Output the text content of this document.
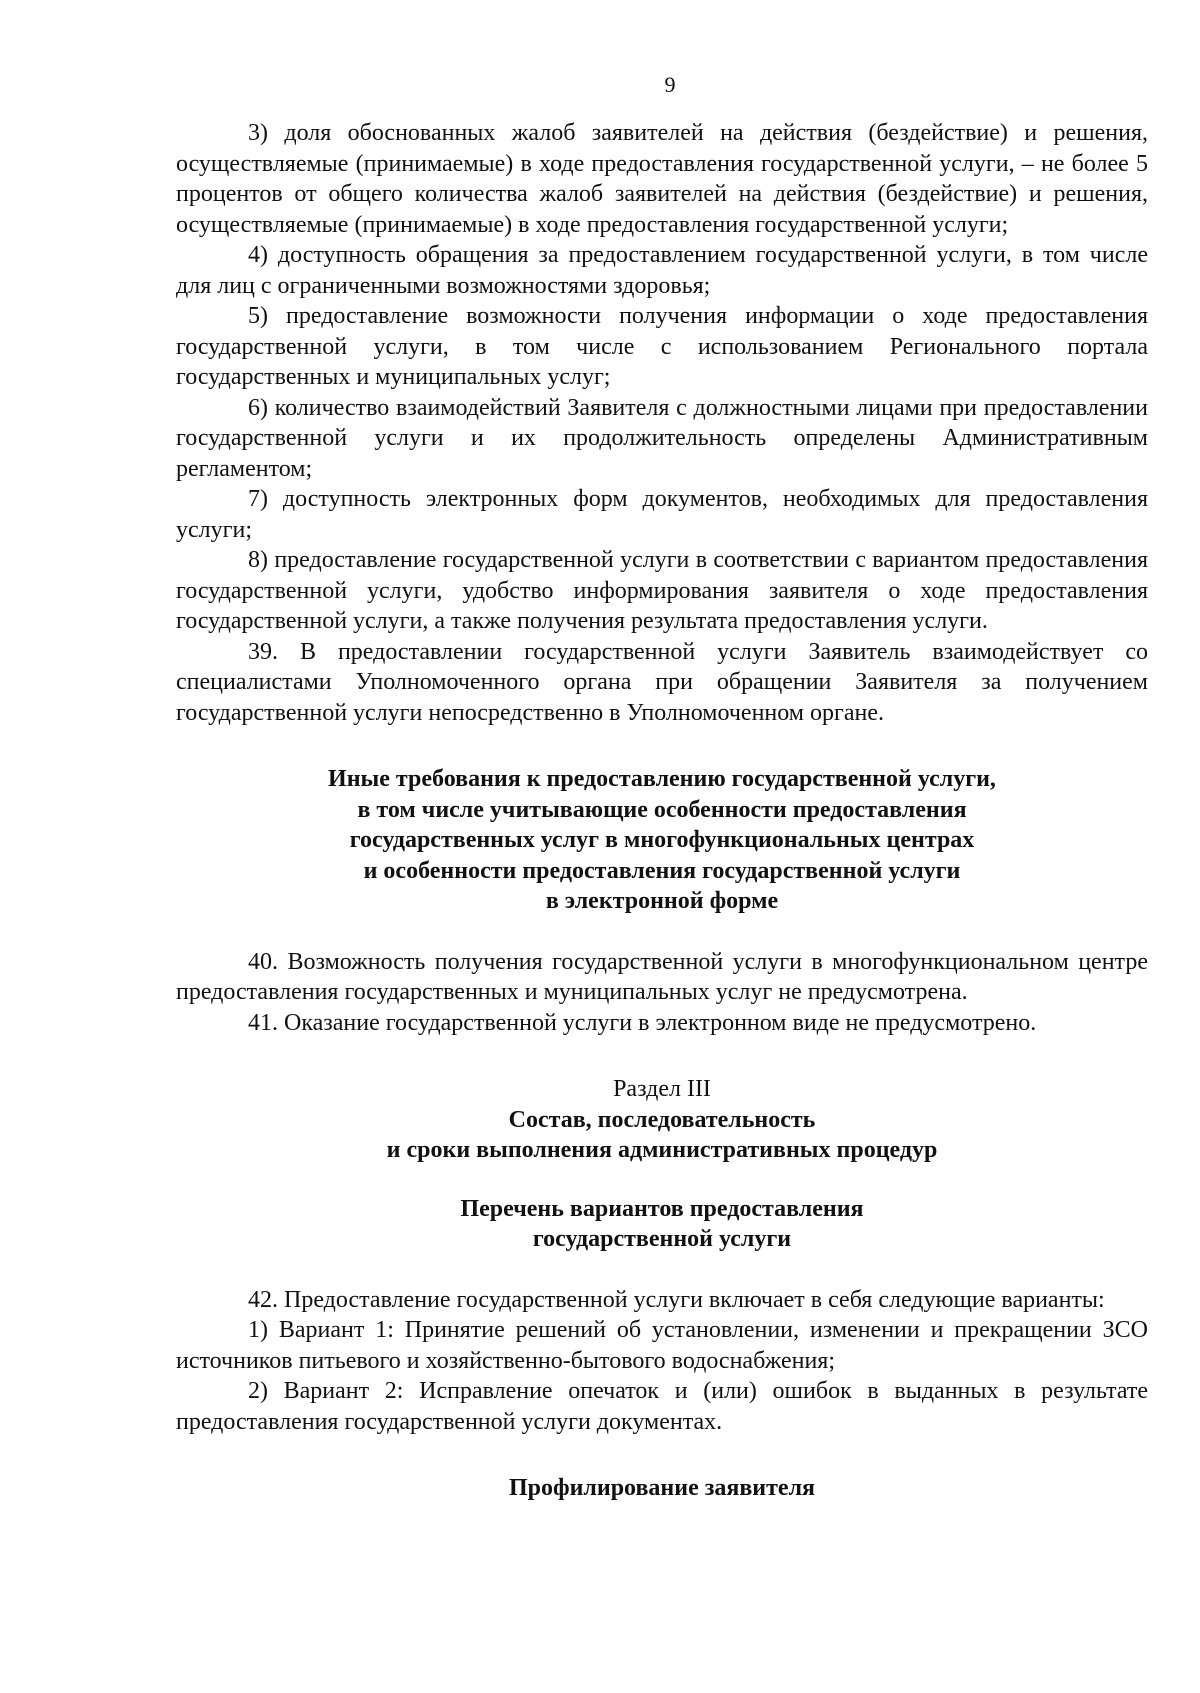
9

3) доля обоснованных жалоб заявителей на действия (бездействие) и решения, осуществляемые (принимаемые) в ходе предоставления государственной услуги, – не более 5 процентов от общего количества жалоб заявителей на действия (бездействие) и решения, осуществляемые (принимаемые) в ходе предоставления государственной услуги;

4) доступность обращения за предоставлением государственной услуги, в том числе для лиц с ограниченными возможностями здоровья;

5) предоставление возможности получения информации о ходе предоставления государственной услуги, в том числе с использованием Регионального портала государственных и муниципальных услуг;

6) количество взаимодействий Заявителя с должностными лицами при предоставлении государственной услуги и их продолжительность определены Административным регламентом;

7) доступность электронных форм документов, необходимых для предоставления услуги;

8) предоставление государственной услуги в соответствии с вариантом предоставления государственной услуги, удобство информирования заявителя о ходе предоставления государственной услуги, а также получения результата предоставления услуги.

39. В предоставлении государственной услуги Заявитель взаимодействует со специалистами Уполномоченного органа при обращении Заявителя за получением государственной услуги непосредственно в Уполномоченном органе.

Иные требования к предоставлению государственной услуги,

в том числе учитывающие особенности предоставления

государственных услуг в многофункциональных центрах

и особенности предоставления государственной услуги

в электронной форме

40. Возможность получения государственной услуги в многофункциональном центре предоставления государственных и муниципальных услуг не предусмотрена.

41. Оказание государственной услуги в электронном виде не предусмотрено.

Раздел III

Состав, последовательность

и сроки выполнения административных процедур

Перечень вариантов предоставления

государственной услуги

42. Предоставление государственной услуги включает в себя следующие варианты:

1) Вариант 1: Принятие решений об установлении, изменении и прекращении ЗСО источников питьевого и хозяйственно-бытового водоснабжения;

2) Вариант 2: Исправление опечаток и (или) ошибок в выданных в результате предоставления государственной услуги документах.

Профилирование заявителя
